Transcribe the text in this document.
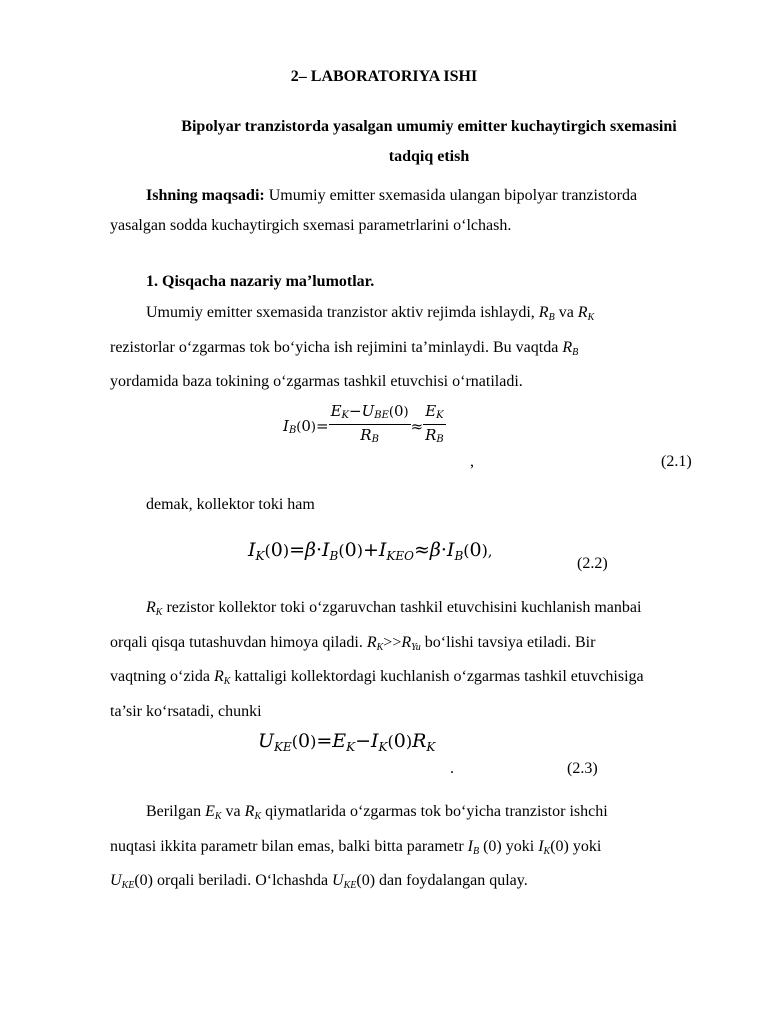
2– LABORATORIYA ISHI
Bipolyar tranzistorda yasalgan umumiy emitter kuchaytirgich sxemasini
tadqiq etish
Ishning maqsadi: Umumiy emitter sxemasida ulangan bipolyar tranzistorda
yasalgan sodda kuchaytirgich sxemasi parametrlarini o‘lchash.
1. Qisqacha nazariy ma’lumotlar.
Umumiy emitter sxemasida tranzistor aktiv rejimda ishlaydi, $R_B$ va $R_K$
rezistorlar o‘zgarmas tok bo‘yicha ish rejimini ta’minlaydi. Bu vaqtda $R_B$
yordamida baza tokining o‘zgarmas tashkil etuvchisi o‘rnatiladi.
$IB(0)= \frac{\text{EK−UBE(0)}}{RB} \approx \frac{EK}{RB}$
,	(2.1)
demak, kollektor toki ham
$I_K(0)=\beta\cdot I_B(0)+I_{KEO}\approx\beta\cdot I_B(0)$,
(2.2)
$R_K$ rezistor kollektor toki o‘zgaruvchan tashkil etuvchisini kuchlanish manbai
orqali qisqa tutashuvdan himoya qiladi. $R_K>>R_{Yu}$ bo‘lishi tavsiya etiladi. Bir
vaqtning o‘zida $R_K$ kattaligi kollektordagi kuchlanish o‘zgarmas tashkil etuvchisiga
ta’sir ko‘rsatadi, chunki
$U_{KE}(0)=E_K-I_K(0)R_K$
.	(2.3)
Berilgan $E_K$ va $R_K$ qiymatlarida o‘zgarmas tok bo‘yicha tranzistor ishchi
nuqtasi ikkita parametr bilan emas, balki bitta parametr $I_B$ (0) yoki $I_K(0)$ yoki
$U_{KE}(0)$ orqali beriladi. O‘lchashda $U_{KE}(0)$ dan foydalangan qulay.
